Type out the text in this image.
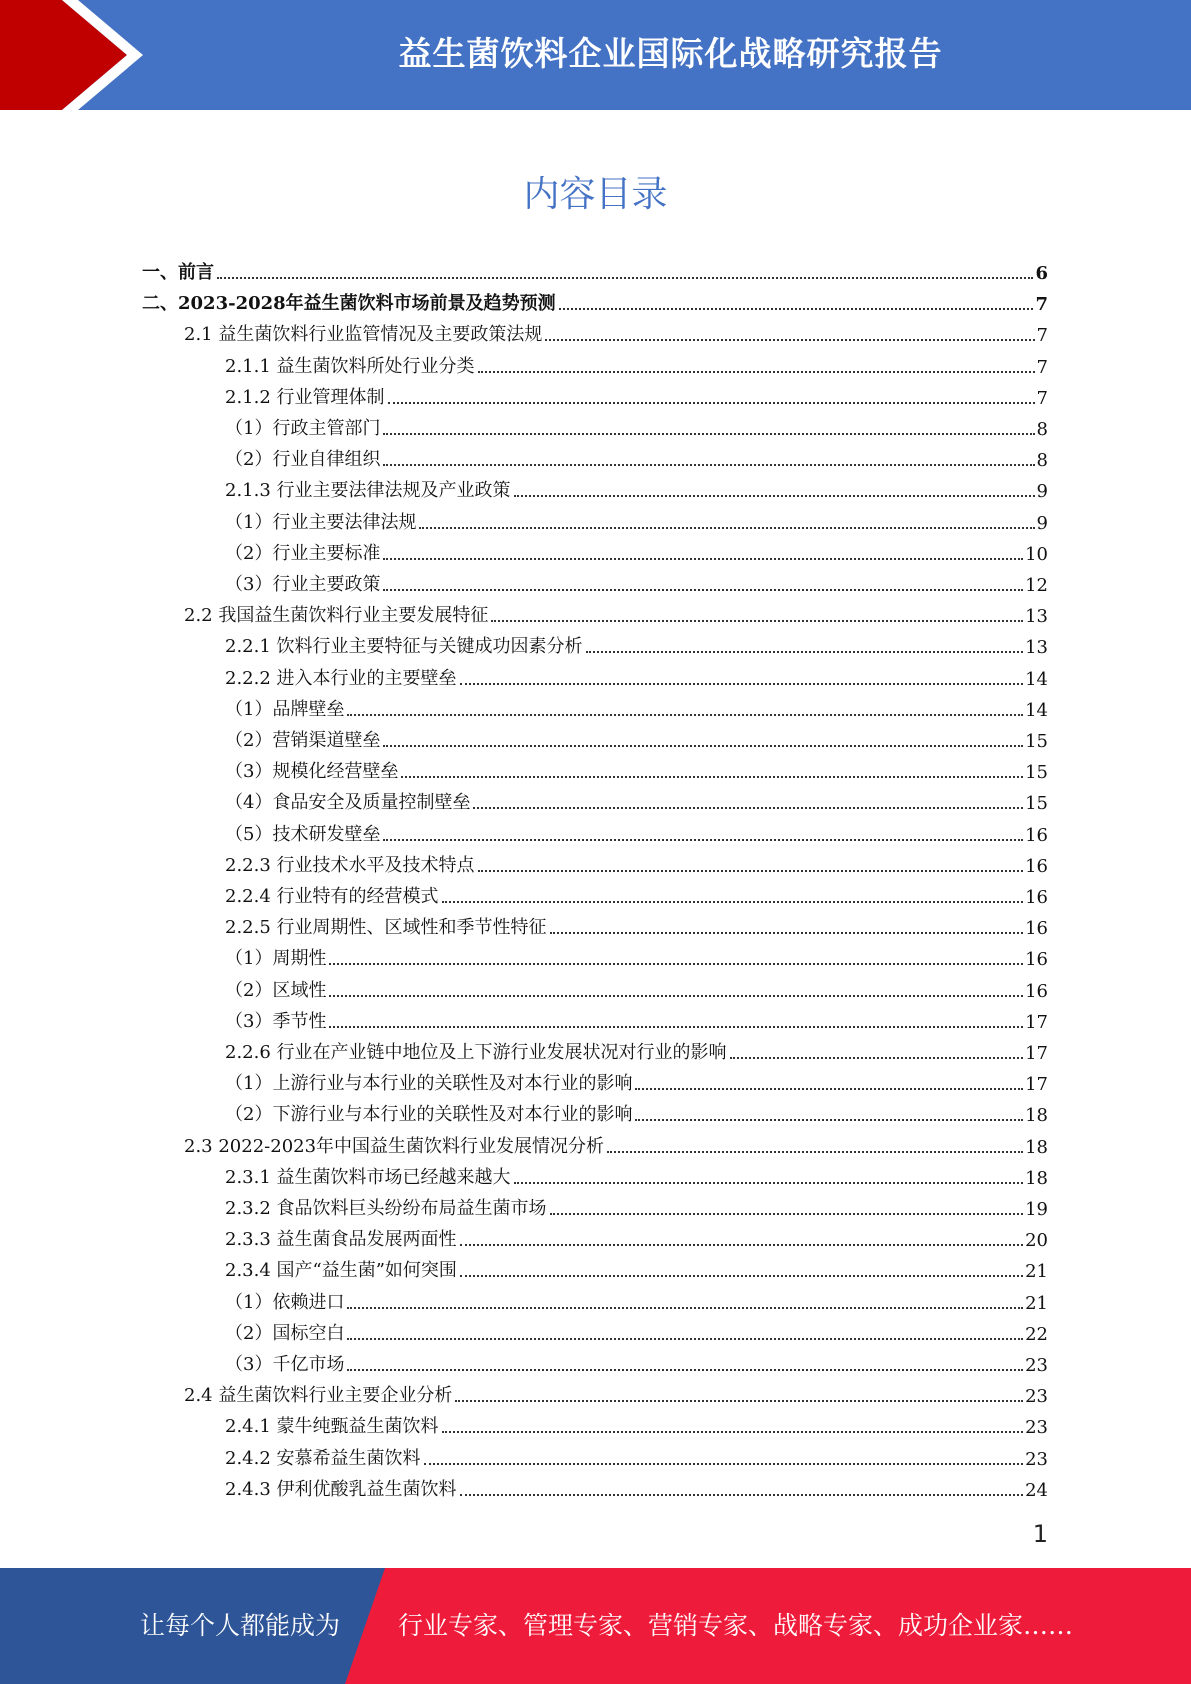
益生菌饮料企业国际化战略研究报告
内容目录
一、前言	6
二、2023-2028年益生菌饮料市场前景及趋势预测	7
2.1 益生菌饮料行业监管情况及主要政策法规	7
2.1.1 益生菌饮料所处行业分类	7
2.1.2 行业管理体制	7
（1）行政主管部门	8
（2）行业自律组织	8
2.1.3 行业主要法律法规及产业政策	9
（1）行业主要法律法规	9
（2）行业主要标准	10
（3）行业主要政策	12
2.2 我国益生菌饮料行业主要发展特征	13
2.2.1 饮料行业主要特征与关键成功因素分析	13
2.2.2 进入本行业的主要壁垒	14
（1）品牌壁垒	14
（2）营销渠道壁垒	15
（3）规模化经营壁垒	15
（4）食品安全及质量控制壁垒	15
（5）技术研发壁垒	16
2.2.3 行业技术水平及技术特点	16
2.2.4 行业特有的经营模式	16
2.2.5 行业周期性、区域性和季节性特征	16
（1）周期性	16
（2）区域性	16
（3）季节性	17
2.2.6 行业在产业链中地位及上下游行业发展状况对行业的影响	17
（1）上游行业与本行业的关联性及对本行业的影响	17
（2）下游行业与本行业的关联性及对本行业的影响	18
2.3 2022-2023年中国益生菌饮料行业发展情况分析	18
2.3.1 益生菌饮料市场已经越来越大	18
2.3.2 食品饮料巨头纷纷布局益生菌市场	19
2.3.3 益生菌食品发展两面性	20
2.3.4 国产“益生菌”如何突围	21
（1）依赖进口	21
（2）国标空白	22
（3）千亿市场	23
2.4 益生菌饮料行业主要企业分析	23
2.4.1 蒙牛纯甄益生菌饮料	23
2.4.2 安慕希益生菌饮料	23
2.4.3 伊利优酸乳益生菌饮料	24
1
让每个人都能成为 行业专家、管理专家、营销专家、战略专家、成功企业家……
